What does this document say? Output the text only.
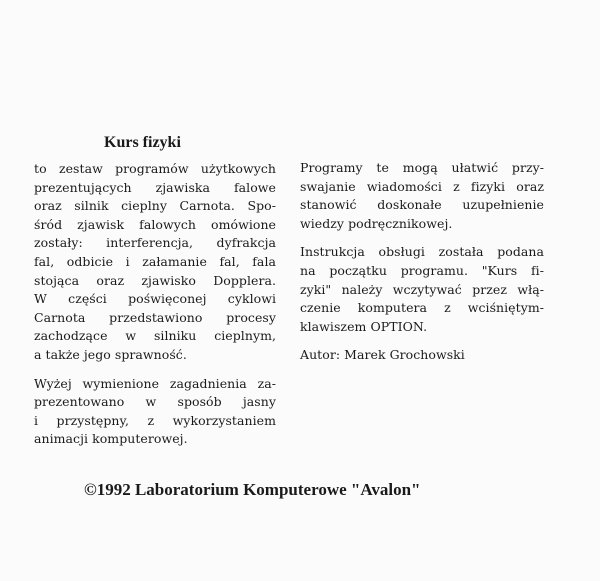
Kurs fizyki

to zestaw programów użytkowych
prezentujących zjawiska falowe
oraz silnik cieplny Carnota. Spo-
śród zjawisk falowych omówione
zostały: interferencja, dyfrakcja
fal, odbicie i załamanie fal, fala
stojąca oraz zjawisko Dopplera.
W części poświęconej cyklowi
Carnota przedstawiono procesy
zachodzące w silniku cieplnym,
a także jego sprawność.

Wyżej wymienione zagadnienia za-
prezentowano w sposób jasny
i przystępny, z wykorzystaniem
animacji komputerowej.

Programy te mogą ułatwić przy-
swajanie wiadomości z fizyki oraz
stanowić doskonałe uzupełnienie
wiedzy podręcznikowej.

Instrukcja obsługi została podana
na początku programu. "Kurs fi-
zyki" należy wczytywać przez włą-
czenie komputera z wciśniętym-
klawiszem OPTION.

Autor: Marek Grochowski

©1992 Laboratorium Komputerowe "Avalon"
